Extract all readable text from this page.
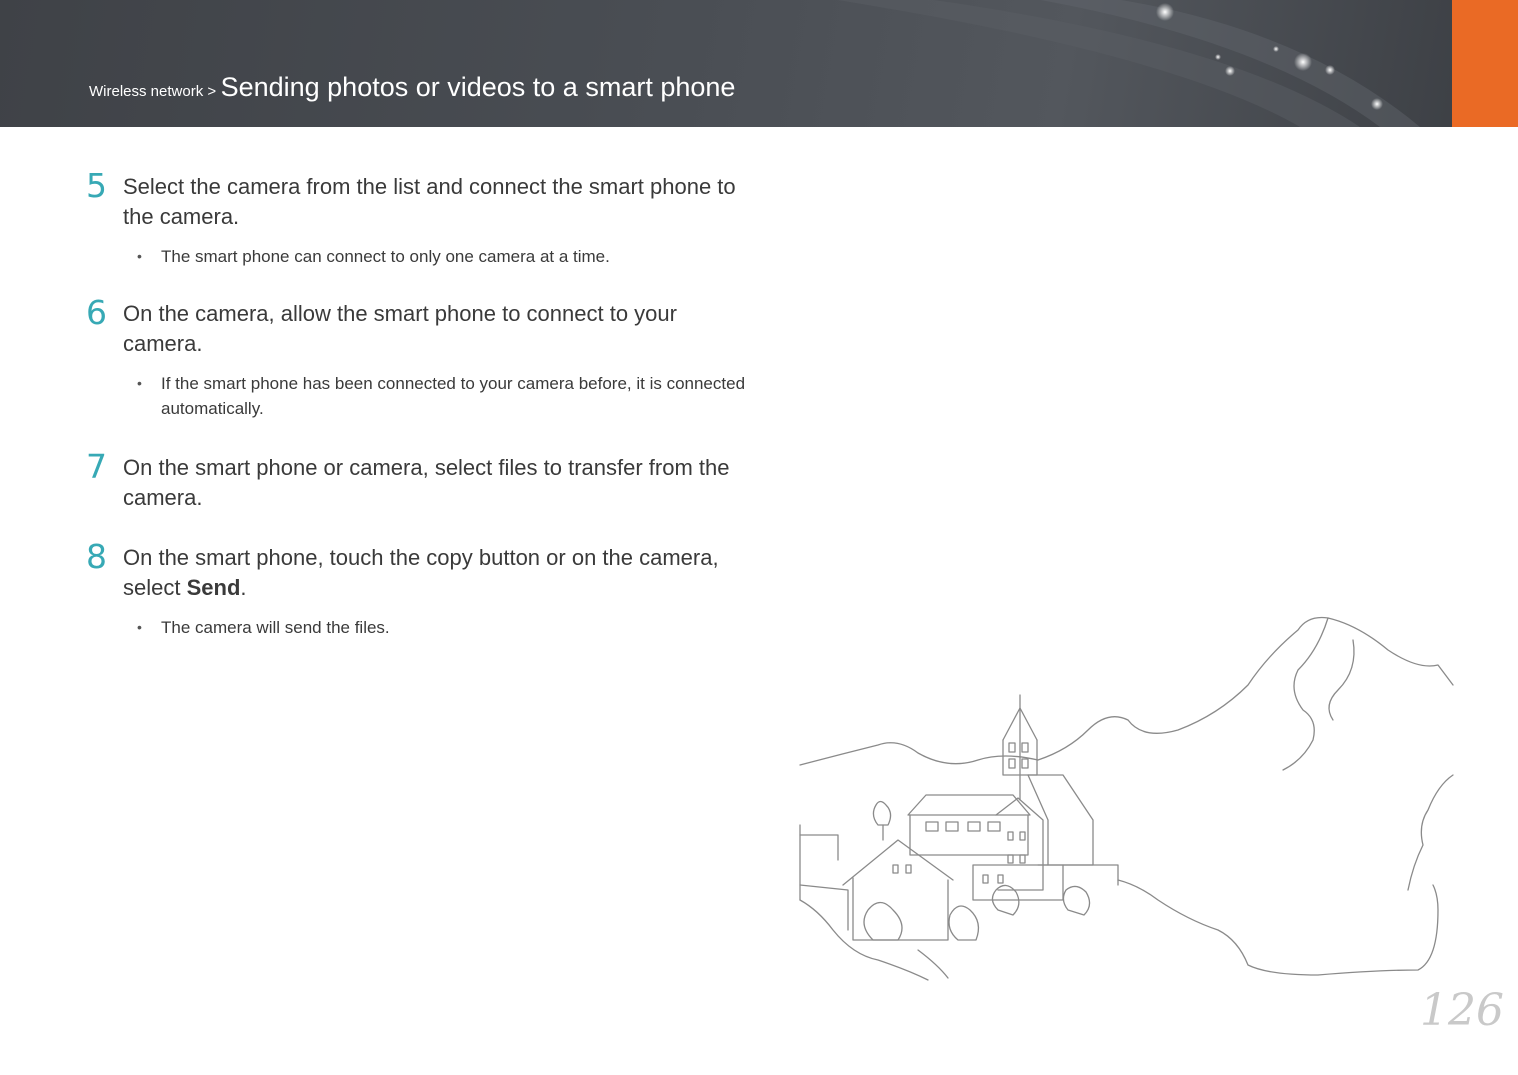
Wireless network > Sending photos or videos to a smart phone
5 Select the camera from the list and connect the smart phone to the camera.
• The smart phone can connect to only one camera at a time.
6 On the camera, allow the smart phone to connect to your camera.
• If the smart phone has been connected to your camera before, it is connected automatically.
7 On the smart phone or camera, select files to transfer from the camera.
8 On the smart phone, touch the copy button or on the camera, select Send.
• The camera will send the files.
126
